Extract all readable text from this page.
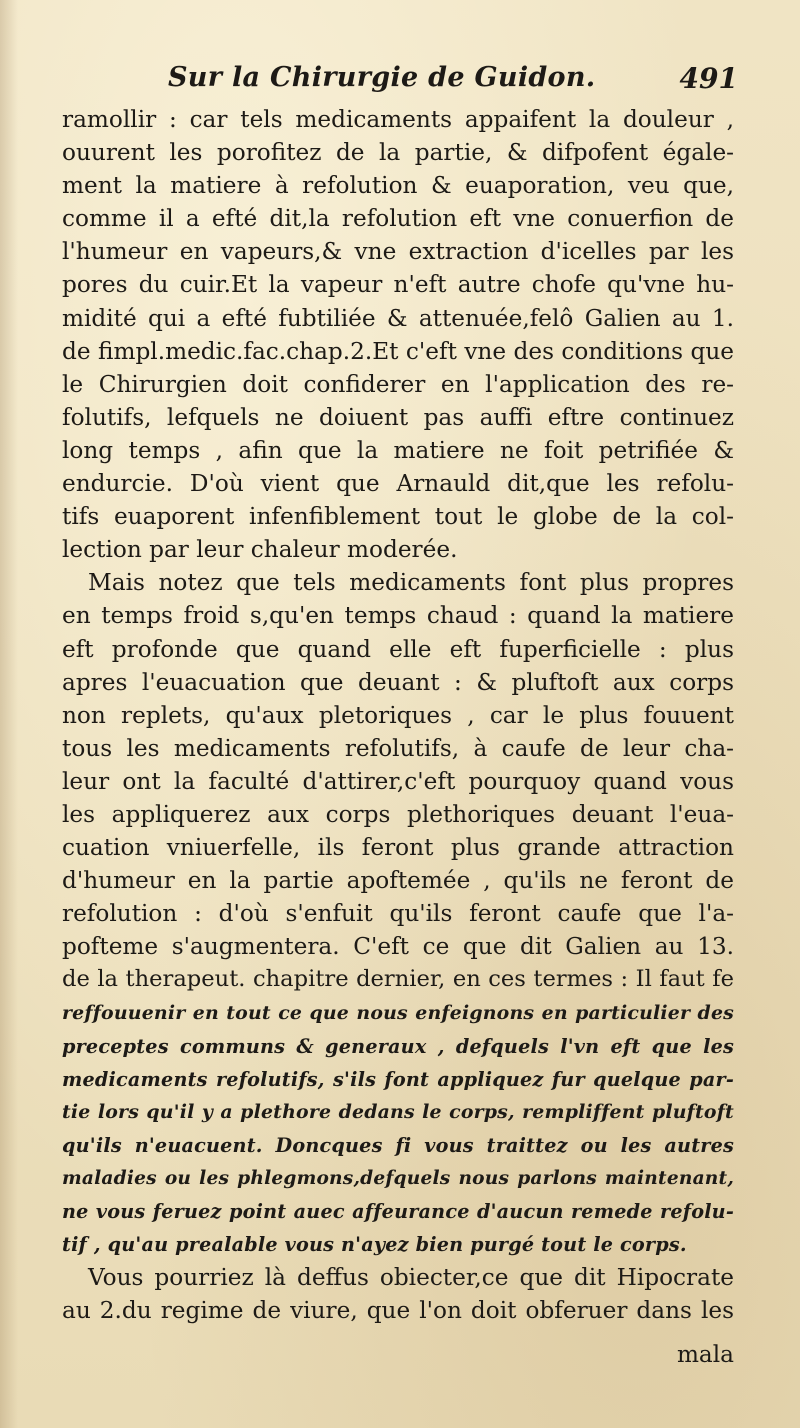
Sur la Chirurgie de Guidon.	491
ramollir : car tels medicaments appaifent la douleur ,
ouurent les porofitez de la partie, & difpofent égale-
ment la matiere à refolution & euaporation, veu que,
comme il a efté dit,la refolution eft vne conuerfion de
l'humeur en vapeurs,& vne extraction d'icelles par les
pores du cuir.Et la vapeur n'eft autre chofe qu'vne hu-
midité qui a efté fubtiliée & attenuée,felô Galien au 1.
de fimpl.medic.fac.chap.2.Et c'eft vne des conditions que
le Chirurgien doit confiderer en l'application des re-
folutifs, lefquels ne doiuent pas auffi eftre continuez
long temps , afin que la matiere ne foit petrifiée &
endurcie. D'où vient que Arnauld dit,que les refolu-
tifs euaporent infenfiblement tout le globe de la col-
lection par leur chaleur moderée.
Mais notez que tels medicaments font plus propres
en temps froid s,qu'en temps chaud : quand la matiere
eft profonde que quand elle eft fuperficielle : plus
apres l'euacuation que deuant : & pluftoft aux corps
non replets, qu'aux pletoriques , car le plus fouuent
tous les medicaments refolutifs, à caufe de leur cha-
leur ont la faculté d'attirer,c'eft pourquoy quand vous
les appliquerez aux corps plethoriques deuant l'eua-
cuation vniuerfelle, ils feront plus grande attraction
d'humeur en la partie apoftemée , qu'ils ne feront de
refolution : d'où s'enfuit qu'ils feront caufe que l'a-
pofteme s'augmentera. C'eft ce que dit Galien au 13.
de la therapeut. chapitre dernier, en ces termes : Il faut fe
reffouuenir en tout ce que nous enfeignons en particulier des
preceptes communs & generaux , defquels l'vn eft que les
medicaments refolutifs, s'ils font appliquez fur quelque par-
tie lors qu'il y a plethore dedans le corps, rempliffent pluftoft
qu'ils n'euacuent. Doncques fi vous traittez ou les autres
maladies ou les phlegmons,defquels nous parlons maintenant,
ne vous feruez point auec affeurance d'aucun remede refolu-
tif , qu'au prealable vous n'ayez bien purgé tout le corps.
Vous pourriez là deffus obiecter,ce que dit Hipocrate
au 2.du regime de viure, que l'on doit obferuer dans les
mala
